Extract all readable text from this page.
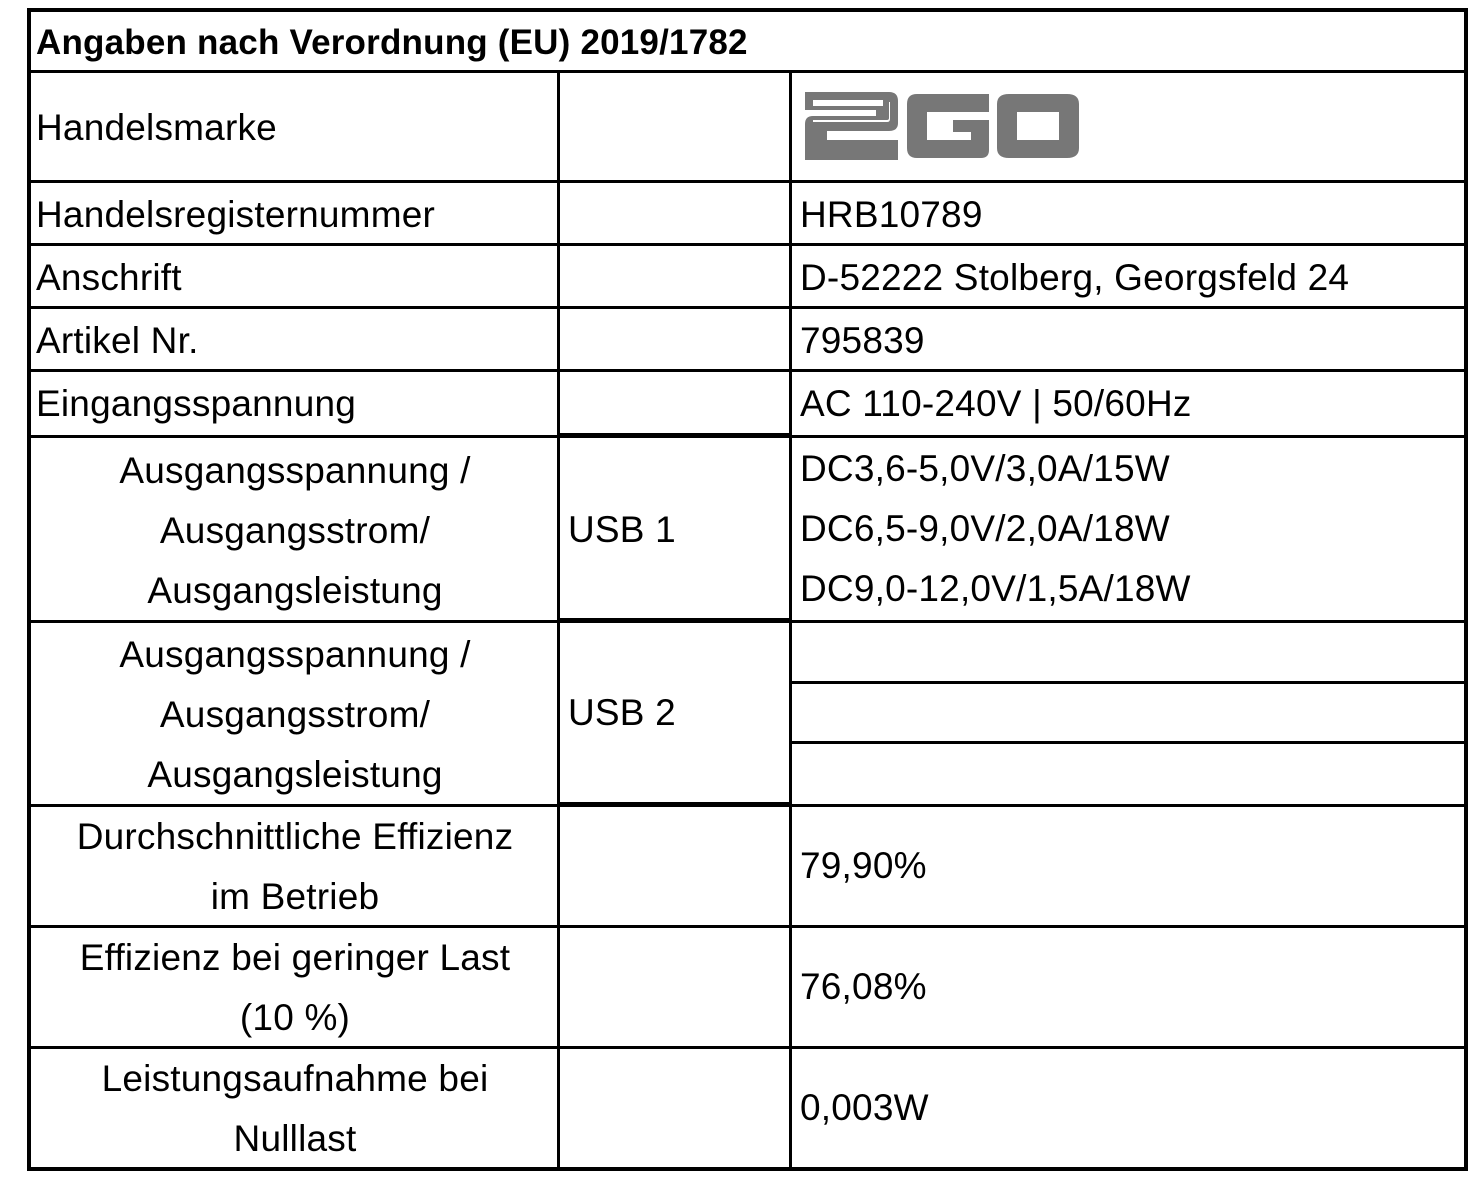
Angaben nach Verordnung (EU) 2019/1782
Handelsmarke
Handelsregisternummer
Anschrift
Artikel Nr.
Eingangsspannung
HRB10789
D-52222 Stolberg, Georgsfeld 24
795839
AC 110-240V | 50/60Hz
Ausgangsspannung /
Ausgangsstrom/
Ausgangsleistung
USB 1
DC3,6-5,0V/3,0A/15W
DC6,5-9,0V/2,0A/18W
DC9,0-12,0V/1,5A/18W
Ausgangsspannung /
Ausgangsstrom/
Ausgangsleistung
USB 2
Durchschnittliche Effizienz
im Betrieb
79,90%
Effizienz bei geringer Last
(10 %)
76,08%
Leistungsaufnahme bei
Nulllast
0,003W
